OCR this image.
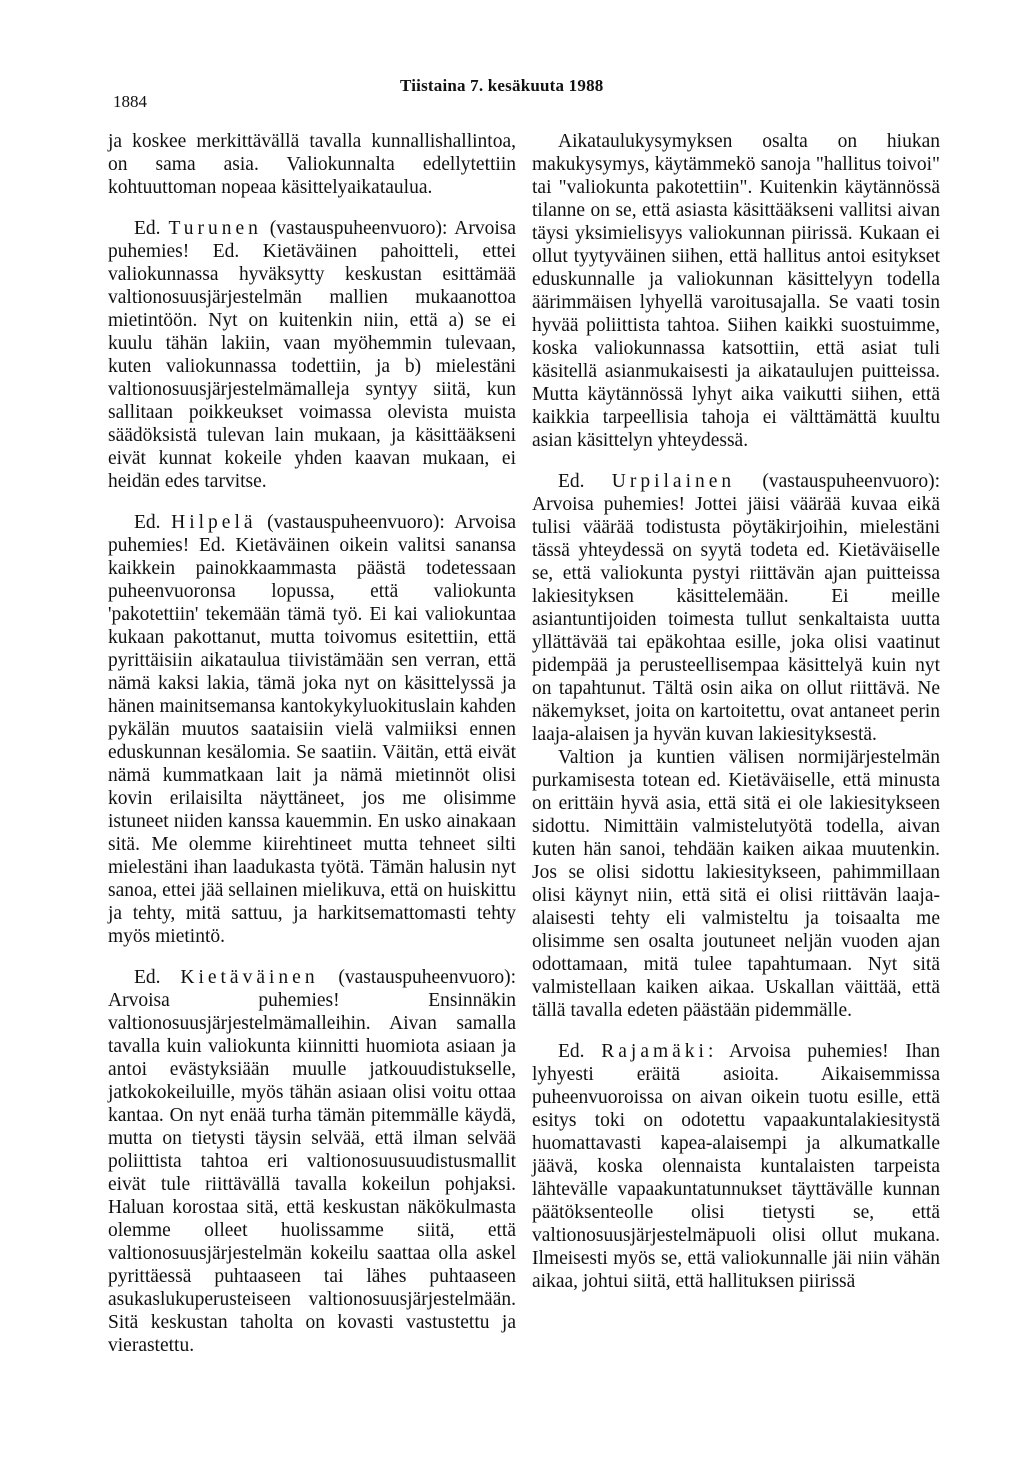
1884
Tiistaina 7. kesäkuuta 1988

ja koskee merkittävällä tavalla kunnallishallintoa, on sama asia. Valiokunnalta edellytettiin kohtuuttoman nopeaa käsittelyaikataulua.

Ed. Turunen (vastauspuheenvuoro): Arvoisa puhemies! Ed. Kietäväinen pahoitteli, ettei valiokunnassa hyväksytty keskustan esittämää valtionosuusjärjestelmän mallien mukaanottoa mietintöön. Nyt on kuitenkin niin, että a) se ei kuulu tähän lakiin, vaan myöhemmin tulevaan, kuten valiokunnassa todettiin, ja b) mielestäni valtionosuusjärjestelmämalleja syntyy siitä, kun sallitaan poikkeukset voimassa olevista muista säädöksistä tulevan lain mukaan, ja käsittääkseni eivät kunnat kokeile yhden kaavan mukaan, ei heidän edes tarvitse.

Ed. Hilpelä (vastauspuheenvuoro): Arvoisa puhemies! Ed. Kietäväinen oikein valitsi sanansa kaikkein painokkaammasta päästä todetessaan puheenvuoronsa lopussa, että valiokunta 'pakotettiin' tekemään tämä työ. Ei kai valiokuntaa kukaan pakottanut, mutta toivomus esitettiin, että pyrittäisiin aikataulua tiivistämään sen verran, että nämä kaksi lakia, tämä joka nyt on käsittelyssä ja hänen mainitsemansa kantokykyluokituslain kahden pykälän muutos saataisiin vielä valmiiksi ennen eduskunnan kesälomia. Se saatiin. Väitän, että eivät nämä kummatkaan lait ja nämä mietinnöt olisi kovin erilaisilta näyttäneet, jos me olisimme istuneet niiden kanssa kauemmin. En usko ainakaan sitä. Me olemme kiirehtineet mutta tehneet silti mielestäni ihan laadukasta työtä. Tämän halusin nyt sanoa, ettei jää sellainen mielikuva, että on huiskittu ja tehty, mitä sattuu, ja harkitsemattomasti tehty myös mietintö.

Ed. Kietäväinen (vastauspuheenvuoro): Arvoisa puhemies! Ensinnäkin valtionosuusjärjestelmämalleihin. Aivan samalla tavalla kuin valiokunta kiinnitti huomiota asiaan ja antoi evästyksiään muulle jatkouudistukselle, jatkokokeiluille, myös tähän asiaan olisi voitu ottaa kantaa. On nyt enää turha tämän pitemmälle käydä, mutta on tietysti täysin selvää, että ilman selvää poliittista tahtoa eri valtionosuusuudistusmallit eivät tule riittävällä tavalla kokeilun pohjaksi. Haluan korostaa sitä, että keskustan näkökulmasta olemme olleet huolissamme siitä, että valtionosuusjärjestelmän kokeilu saattaa olla askel pyrittäessä puhtaaseen tai lähes puhtaaseen asukaslukuperusteiseen valtionosuusjärjestelmään. Sitä keskustan taholta on kovasti vastustettu ja vierastettu.

Aikataulukysymyksen osalta on hiukan makukysymys, käytämmekö sanoja "hallitus toivoi" tai "valiokunta pakotettiin". Kuitenkin käytännössä tilanne on se, että asiasta käsittääkseni vallitsi aivan täysi yksimielisyys valiokunnan piirissä. Kukaan ei ollut tyytyväinen siihen, että hallitus antoi esitykset eduskunnalle ja valiokunnan käsittelyyn todella äärimmäisen lyhyellä varoitusajalla. Se vaati tosin hyvää poliittista tahtoa. Siihen kaikki suostuimme, koska valiokunnassa katsottiin, että asiat tuli käsitellä asianmukaisesti ja aikataulujen puitteissa. Mutta käytännössä lyhyt aika vaikutti siihen, että kaikkia tarpeellisia tahoja ei välttämättä kuultu asian käsittelyn yhteydessä.

Ed. Urpilainen (vastauspuheenvuoro): Arvoisa puhemies! Jottei jäisi väärää kuvaa eikä tulisi väärää todistusta pöytäkirjoihin, mielestäni tässä yhteydessä on syytä todeta ed. Kietäväiselle se, että valiokunta pystyi riittävän ajan puitteissa lakiesityksen käsittelemään. Ei meille asiantuntijoiden toimesta tullut senkaltaista uutta yllättävää tai epäkohtaa esille, joka olisi vaatinut pidempää ja perusteellisempaa käsittelyä kuin nyt on tapahtunut. Tältä osin aika on ollut riittävä. Ne näkemykset, joita on kartoitettu, ovat antaneet perin laaja-alaisen ja hyvän kuvan lakiesityksestä.

Valtion ja kuntien välisen normijärjestelmän purkamisesta totean ed. Kietäväiselle, että minusta on erittäin hyvä asia, että sitä ei ole lakiesitykseen sidottu. Nimittäin valmistelutyötä todella, aivan kuten hän sanoi, tehdään kaiken aikaa muutenkin. Jos se olisi sidottu lakiesitykseen, pahimmillaan olisi käynyt niin, että sitä ei olisi riittävän laaja-alaisesti tehty eli valmisteltu ja toisaalta me olisimme sen osalta joutuneet neljän vuoden ajan odottamaan, mitä tulee tapahtumaan. Nyt sitä valmistellaan kaiken aikaa. Uskallan väittää, että tällä tavalla edeten päästään pidemmälle.

Ed. Rajamäki: Arvoisa puhemies! Ihan lyhyesti eräitä asioita. Aikaisemmissa puheenvuoroissa on aivan oikein tuotu esille, että esitys toki on odotettu vapaakuntalakiesitystä huomattavasti kapea-alaisempi ja alkumatkalle jäävä, koska olennaista kuntalaisten tarpeista lähtevälle vapaakuntatunnukset täyttävälle kunnan päätöksenteolle olisi tietysti se, että valtionosuusjärjestelmäpuoli olisi ollut mukana. Ilmeisesti myös se, että valiokunnalle jäi niin vähän aikaa, johtui siitä, että hallituksen piirissä
